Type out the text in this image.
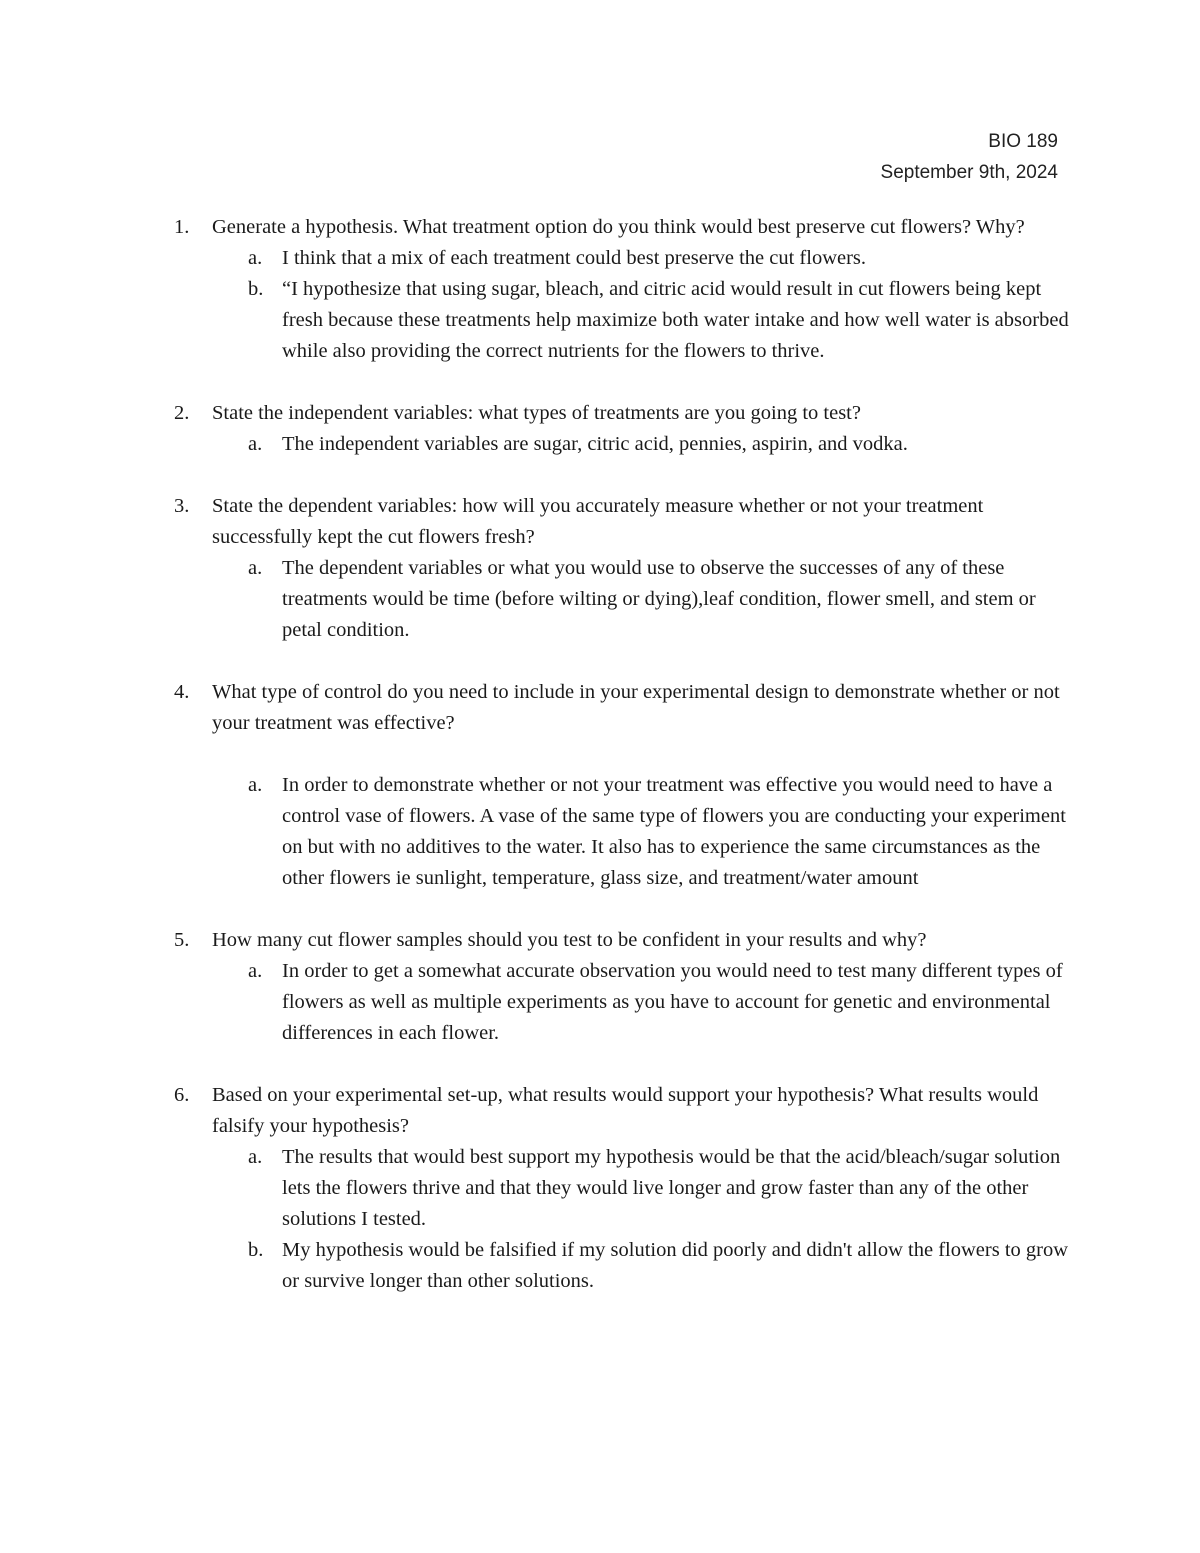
BIO 189
September 9th, 2024
1. Generate a hypothesis. What treatment option do you think would best preserve cut flowers? Why?
a. I think that a mix of each treatment could best preserve the cut flowers.
b. “I hypothesize that using sugar, bleach, and citric acid would result in cut flowers being kept fresh because these treatments help maximize both water intake and how well water is absorbed while also providing the correct nutrients for the flowers to thrive.
2. State the independent variables: what types of treatments are you going to test?
a. The independent variables are sugar, citric acid, pennies, aspirin, and vodka.
3. State the dependent variables: how will you accurately measure whether or not your treatment successfully kept the cut flowers fresh?
a. The dependent variables or what you would use to observe the successes of any of these treatments would be time (before wilting or dying),leaf condition, flower smell, and stem or petal condition.
4. What type of control do you need to include in your experimental design to demonstrate whether or not your treatment was effective?
a. In order to demonstrate whether or not your treatment was effective you would need to have a control vase of flowers. A vase of the same type of flowers you are conducting your experiment on but with no additives to the water. It also has to experience the same circumstances as the other flowers ie sunlight, temperature, glass size, and treatment/water amount
5. How many cut flower samples should you test to be confident in your results and why?
a. In order to get a somewhat accurate observation you would need to test many different types of flowers as well as multiple experiments as you have to account for genetic and environmental differences in each flower.
6. Based on your experimental set-up, what results would support your hypothesis? What results would falsify your hypothesis?
a. The results that would best support my hypothesis would be that the acid/bleach/sugar solution lets the flowers thrive and that they would live longer and grow faster than any of the other solutions I tested.
b. My hypothesis would be falsified if my solution did poorly and didn't allow the flowers to grow or survive longer than other solutions.
